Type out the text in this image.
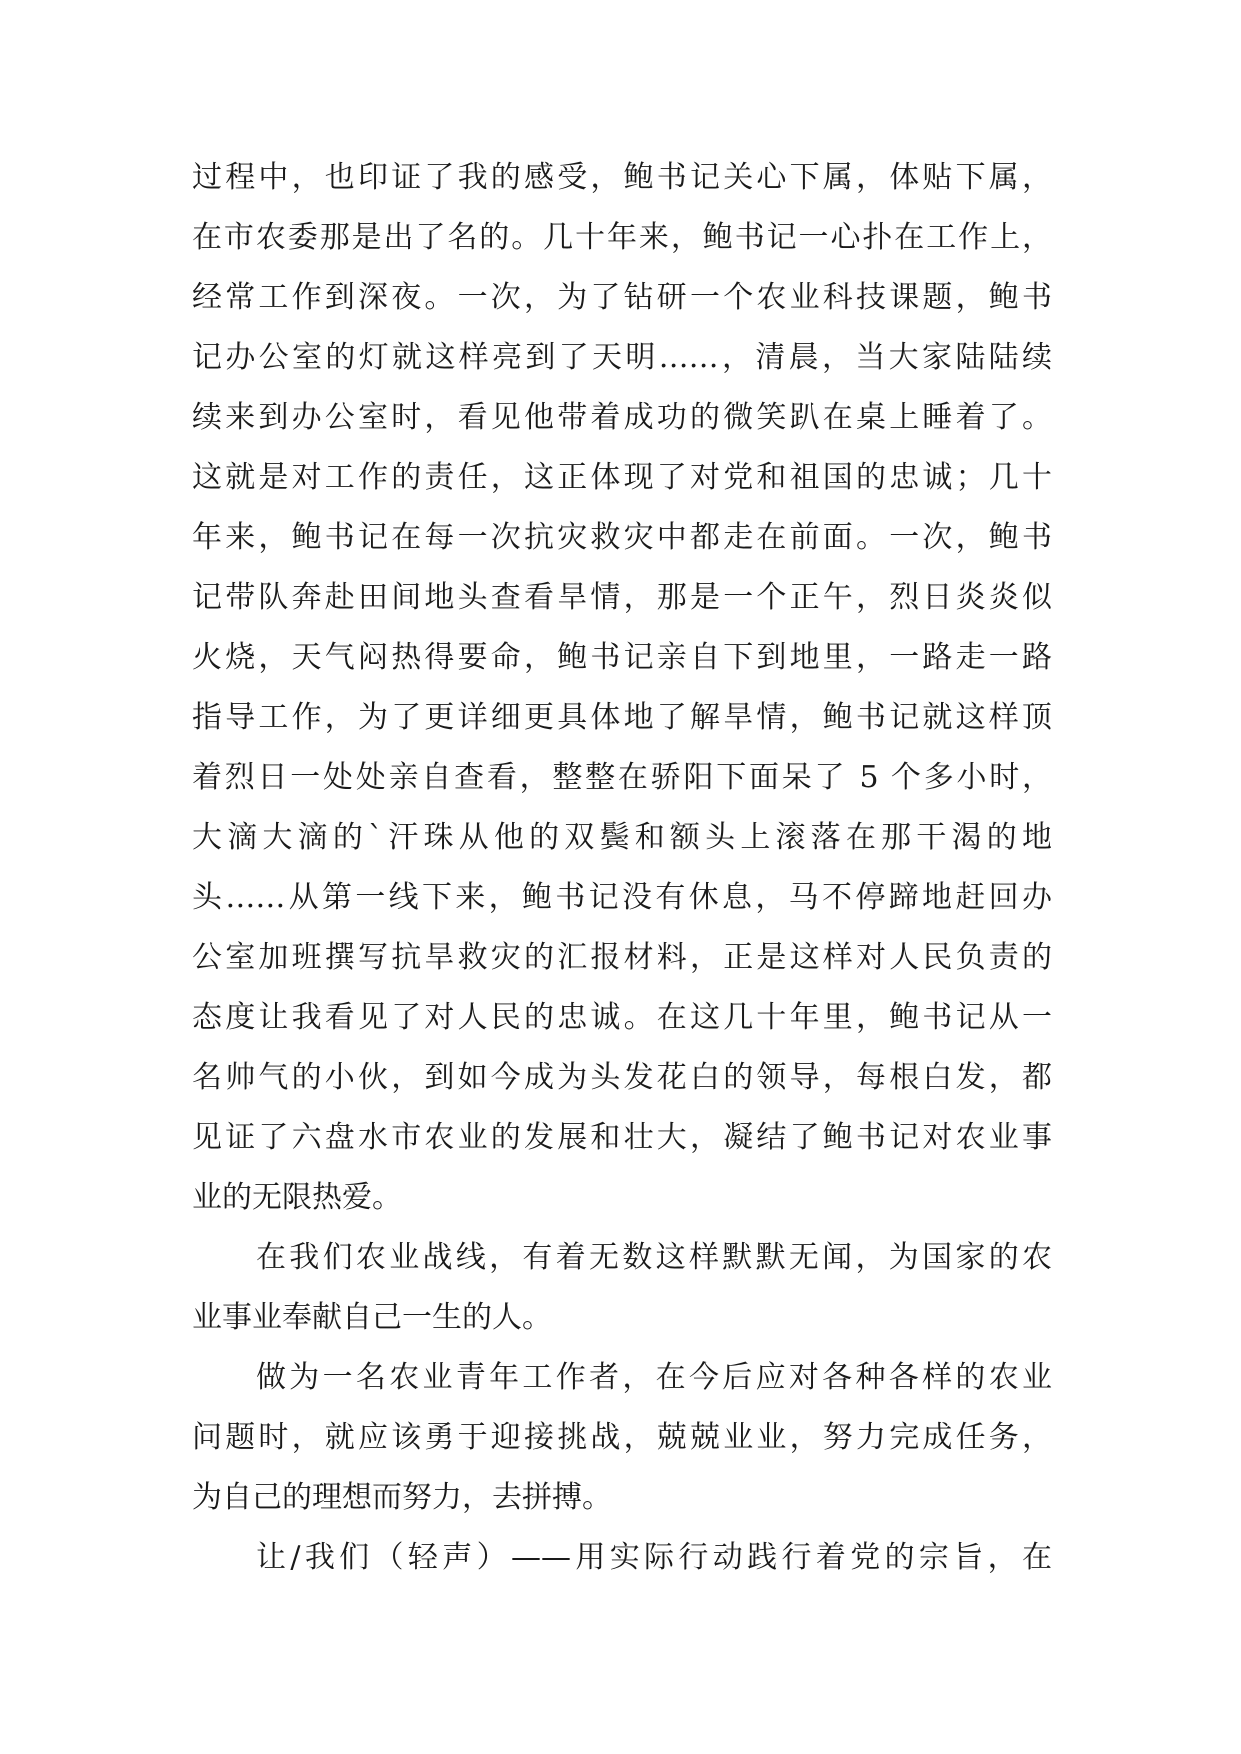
过程中，也印证了我的感受，鲍书记关心下属，体贴下属，
在市农委那是出了名的。几十年来，鲍书记一心扑在工作上，
经常工作到深夜。一次，为了钻研一个农业科技课题，鲍书
记办公室的灯就这样亮到了天明……，清晨，当大家陆陆续
续来到办公室时，看见他带着成功的微笑趴在桌上睡着了。
这就是对工作的责任，这正体现了对党和祖国的忠诚；几十
年来，鲍书记在每一次抗灾救灾中都走在前面。一次，鲍书
记带队奔赴田间地头查看旱情，那是一个正午，烈日炎炎似
火烧，天气闷热得要命，鲍书记亲自下到地里，一路走一路
指导工作，为了更详细更具体地了解旱情，鲍书记就这样顶
着烈日一处处亲自查看，整整在骄阳下面呆了 5 个多小时，
大滴大滴的`汗珠从他的双鬓和额头上滚落在那干渴的地
头……从第一线下来，鲍书记没有休息，马不停蹄地赶回办
公室加班撰写抗旱救灾的汇报材料，正是这样对人民负责的
态度让我看见了对人民的忠诚。在这几十年里，鲍书记从一
名帅气的小伙，到如今成为头发花白的领导，每根白发，都
见证了六盘水市农业的发展和壮大，凝结了鲍书记对农业事
业的无限热爱。
在我们农业战线，有着无数这样默默无闻，为国家的农
业事业奉献自己一生的人。
做为一名农业青年工作者，在今后应对各种各样的农业
问题时，就应该勇于迎接挑战，兢兢业业，努力完成任务，
为自己的理想而努力，去拼搏。
让/我们（轻声）——用实际行动践行着党的宗旨，在
